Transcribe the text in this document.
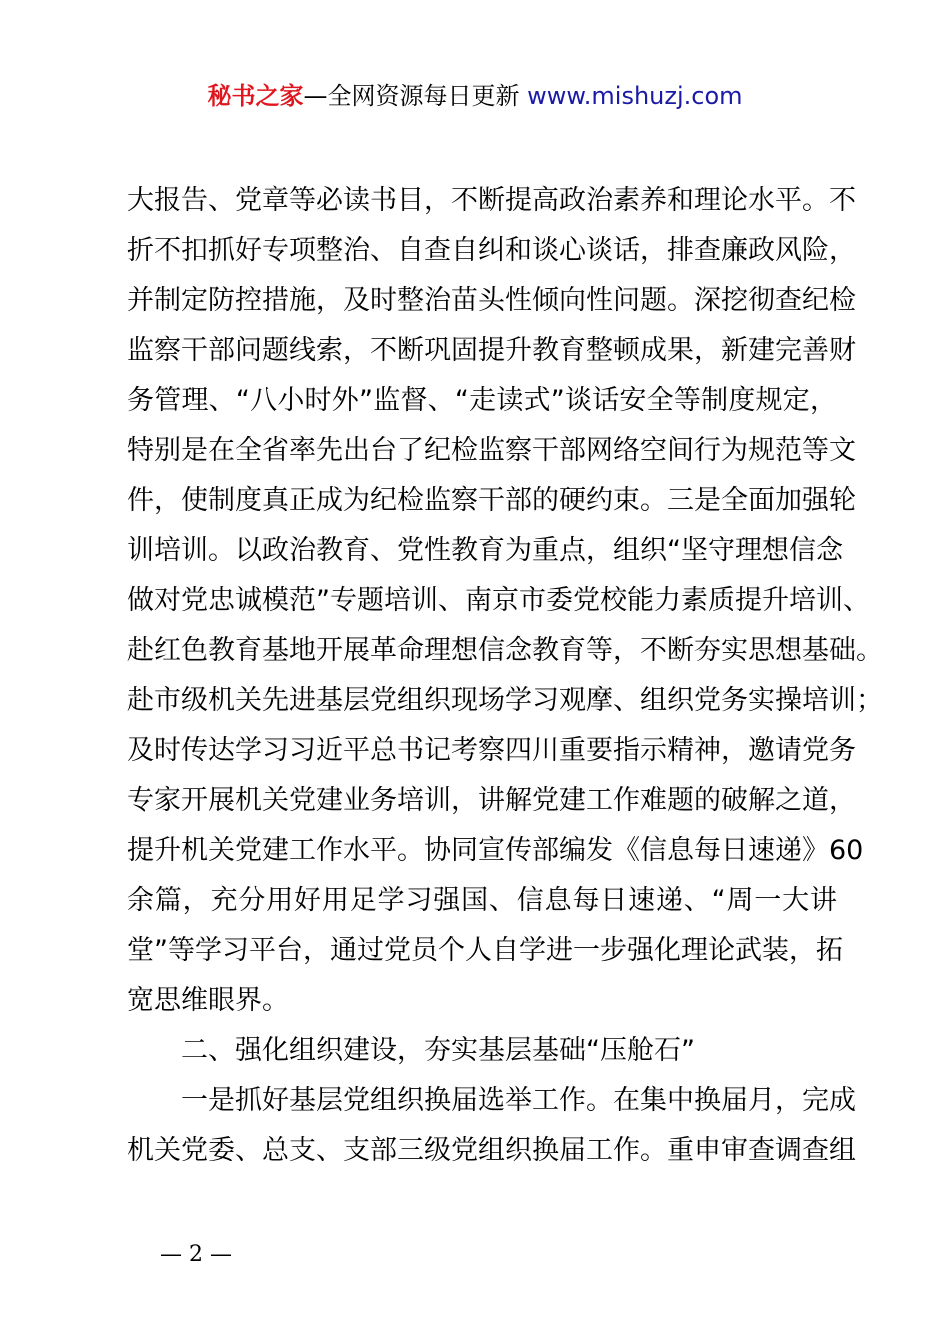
秘书之家—全网资源每日更新 www.mishuzj.com
大报告、党章等必读书目，不断提高政治素养和理论水平。不
折不扣抓好专项整治、自查自纠和谈心谈话，排查廉政风险，
并制定防控措施，及时整治苗头性倾向性问题。深挖彻查纪检
监察干部问题线索，不断巩固提升教育整顿成果，新建完善财
务管理、“八小时外”监督、“走读式”谈话安全等制度规定，
特别是在全省率先出台了纪检监察干部网络空间行为规范等文
件，使制度真正成为纪检监察干部的硬约束。三是全面加强轮
训培训。以政治教育、党性教育为重点，组织“坚守理想信念
做对党忠诚模范”专题培训、南京市委党校能力素质提升培训、
赴红色教育基地开展革命理想信念教育等，不断夯实思想基础。
赴市级机关先进基层党组织现场学习观摩、组织党务实操培训；
及时传达学习习近平总书记考察四川重要指示精神，邀请党务
专家开展机关党建业务培训，讲解党建工作难题的破解之道，
提升机关党建工作水平。协同宣传部编发《信息每日速递》60
余篇，充分用好用足学习强国、信息每日速递、“周一大讲
堂”等学习平台，通过党员个人自学进一步强化理论武装，拓
宽思维眼界。
二、强化组织建设，夯实基层基础“压舱石”
一是抓好基层党组织换届选举工作。在集中换届月，完成
机关党委、总支、支部三级党组织换届工作。重申审查调查组
— 2 —
